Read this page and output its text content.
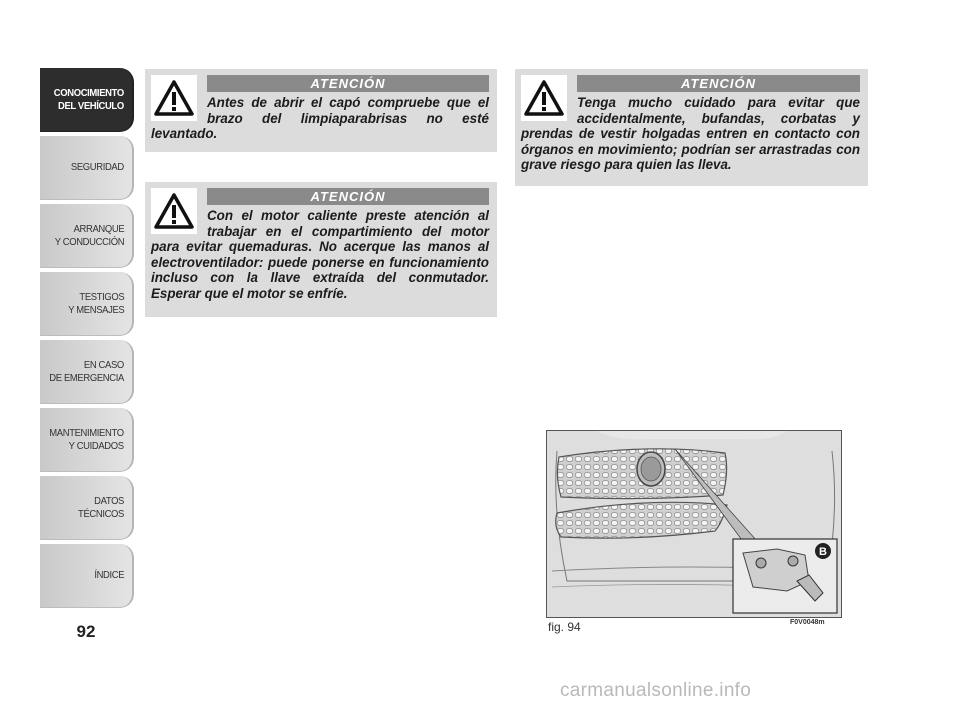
CONOCIMIENTO
DEL VEHÍCULO
SEGURIDAD
ARRANQUE
Y CONDUCCIÓN
TESTIGOS
Y MENSAJES
EN CASO
DE EMERGENCIA
MANTENIMIENTO
Y CUIDADOS
DATOS TÉCNICOS
ÍNDICE
92
ATENCIÓN
Antes de abrir el capó compruebe que el brazo del limpiaparabrisas no esté levantado.
ATENCIÓN
Con el motor caliente preste atención al trabajar en el compartimiento del motor para evitar quemaduras. No acerque las manos al electroventilador: puede ponerse en funcionamiento incluso con la llave extraída del conmutador. Esperar que el motor se enfríe.
ATENCIÓN
Tenga mucho cuidado para evitar que accidentalmente, bufandas, corbatas y prendas de vestir holgadas entren en contacto con órganos en movimiento; podrían ser arrastradas con grave riesgo para quien las lleva.
B
fig. 94	F0V0048m
carmanualsonline.info
